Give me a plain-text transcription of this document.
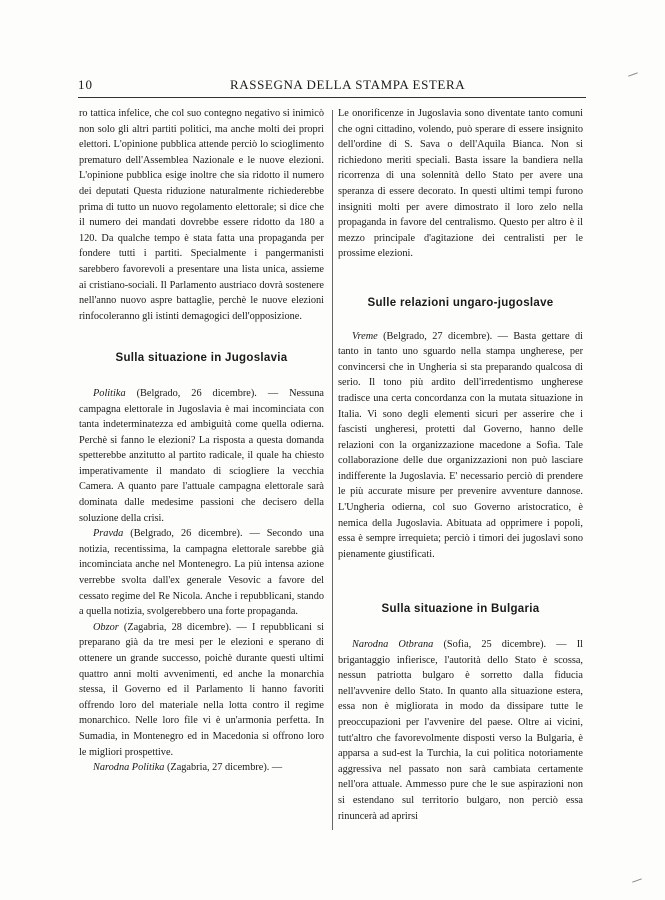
10	RASSEGNA DELLA STAMPA ESTERA

ro tattica infelice, che col suo contegno negativo si inimicò non solo gli altri partiti politici, ma anche molti dei propri elettori. L'opinione pubblica attende perciò lo scioglimento prematuro dell'Assemblea Nazionale e le nuove elezioni. L'opinione pubblica esige inoltre che sia ridotto il numero dei deputati Questa riduzione naturalmente richiederebbe prima di tutto un nuovo regolamento elettorale; si dice che il numero dei mandati dovrebbe essere ridotto da 180 a 120. Da qualche tempo è stata fatta una propaganda per fondere tutti i partiti. Specialmente i pangermanisti sarebbero favorevoli a presentare una lista unica, assieme ai cristiano-sociali. Il Parlamento austriaco dovrà sostenere nell'anno nuovo aspre battaglie, perchè le nuove elezioni rinfocoleranno gli istinti demagogici dell'opposizione.

Sulla situazione in Jugoslavia

Politika (Belgrado, 26 dicembre). — Nessuna campagna elettorale in Jugoslavia è mai incominciata con tanta indeterminatezza ed ambiguità come quella odierna. Perchè si fanno le elezioni? La risposta a questa domanda spetterebbe anzitutto al partito radicale, il quale ha chiesto imperativamente il mandato di sciogliere la vecchia Camera. A quanto pare l'attuale campagna elettorale sarà dominata dalle medesime passioni che decisero della soluzione della crisi.

Pravda (Belgrado, 26 dicembre). — Secondo una notizia, recentissima, la campagna elettorale sarebbe già incominciata anche nel Montenegro. La più intensa azione verrebbe svolta dall'ex generale Vesovic a favore del cessato regime del Re Nicola. Anche i repubblicani, stando a quella notizia, svolgerebbero una forte propaganda.

Obzor (Zagabria, 28 dicembre). — I repubblicani si preparano già da tre mesi per le elezioni e sperano di ottenere un grande successo, poichè durante questi ultimi quattro anni molti avvenimenti, ed anche la monarchia stessa, il Governo ed il Parlamento li hanno favoriti offrendo loro del materiale nella lotta contro il regime monarchico. Nelle loro file vi è un'armonia perfetta. In Sumadia, in Montenegro ed in Macedonia si offrono loro le migliori prospettive.

Narodna Politika (Zagabria, 27 dicembre). —

Le onorificenze in Jugoslavia sono diventate tanto comuni che ogni cittadino, volendo, può sperare di essere insignito dell'ordine di S. Sava o dell'Aquila Bianca. Non si richiedono meriti speciali. Basta issare la bandiera nella ricorrenza di una solennità dello Stato per avere una speranza di essere decorato. In questi ultimi tempi furono insigniti molti per avere dimostrato il loro zelo nella propaganda in favore del centralismo. Questo per altro è il mezzo principale d'agitazione dei centralisti per le prossime elezioni.

Sulle relazioni ungaro-jugoslave

Vreme (Belgrado, 27 dicembre). — Basta gettare di tanto in tanto uno sguardo nella stampa ungherese, per convincersi che in Ungheria si sta preparando qualcosa di serio. Il tono più ardito dell'irredentismo ungherese tradisce una certa concordanza con la mutata situazione in Italia. Vi sono degli elementi sicuri per asserire che i fascisti ungheresi, protetti dal Governo, hanno delle relazioni con la organizzazione macedone a Sofia. Tale collaborazione delle due organizzazioni non può lasciare indifferente la Jugoslavia. E' necessario perciò di prendere le più accurate misure per prevenire avventure dannose. L'Ungheria odierna, col suo Governo aristocratico, è nemica della Jugoslavia. Abituata ad opprimere i popoli, essa è sempre irrequieta; perciò i timori dei jugoslavi sono pienamente giustificati.

Sulla situazione in Bulgaria

Narodna Otbrana (Sofia, 25 dicembre). — Il brigantaggio infierisce, l'autorità dello Stato è scossa, nessun patriotta bulgaro è sorretto dalla fiducia nell'avvenire dello Stato. In quanto alla situazione estera, essa non è migliorata in modo da dissipare tutte le preoccupazioni per l'avvenire del paese. Oltre ai vicini, tutt'altro che favorevolmente disposti verso la Bulgaria, è apparsa a sud-est la Turchia, la cui politica notoriamente aggressiva nel passato non sarà cambiata certamente nell'ora attuale. Ammesso pure che le sue aspirazioni non si estendano sul territorio bulgaro, non perciò essa rinuncerà ad aprirsi
